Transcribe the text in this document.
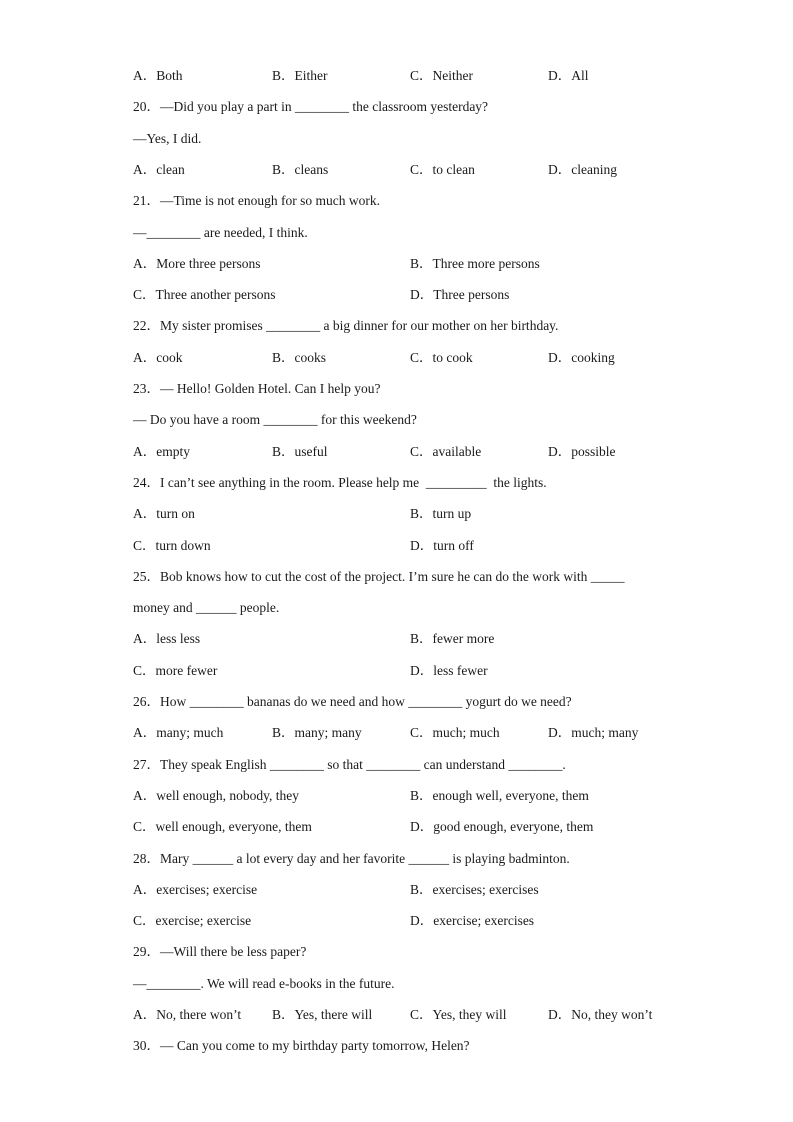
A．Both	B．Either	C．Neither	D．All
20．—Did you play a part in ________ the classroom yesterday?
—Yes, I did.
A．clean	B．cleans	C．to clean	D．cleaning
21．—Time is not enough for so much work.
—________ are needed, I think.
A．More three persons	B．Three more persons
C．Three another persons	D．Three persons
22．My sister promises ________ a big dinner for our mother on her birthday.
A．cook	B．cooks	C．to cook	D．cooking
23．— Hello! Golden Hotel. Can I help you?
— Do you have a room ________ for this weekend?
A．empty	B．useful	C．available	D．possible
24．I can’t see anything in the room. Please help me  _________  the lights.
A．turn on	B．turn up
C．turn down	D．turn off
25．Bob knows how to cut the cost of the project. I’m sure he can do the work with _____
money and ______ people.
A．less less	B．fewer more
C．more fewer	D．less fewer
26．How ________ bananas do we need and how ________ yogurt do we need?
A．many; much	B．many; many	C．much; much	D．much; many
27．They speak English ________ so that ________ can understand ________.
A．well enough, nobody, they	B．enough well, everyone, them
C．well enough, everyone, them	D．good enough, everyone, them
28．Mary ______ a lot every day and her favorite ______ is playing badminton.
A．exercises; exercise	B．exercises; exercises
C．exercise; exercise	D．exercise; exercises
29．—Will there be less paper?
—________. We will read e-books in the future.
A．No, there won’t B．Yes, there will	C．Yes, they will	D．No, they won’t
30．— Can you come to my birthday party tomorrow, Helen?
